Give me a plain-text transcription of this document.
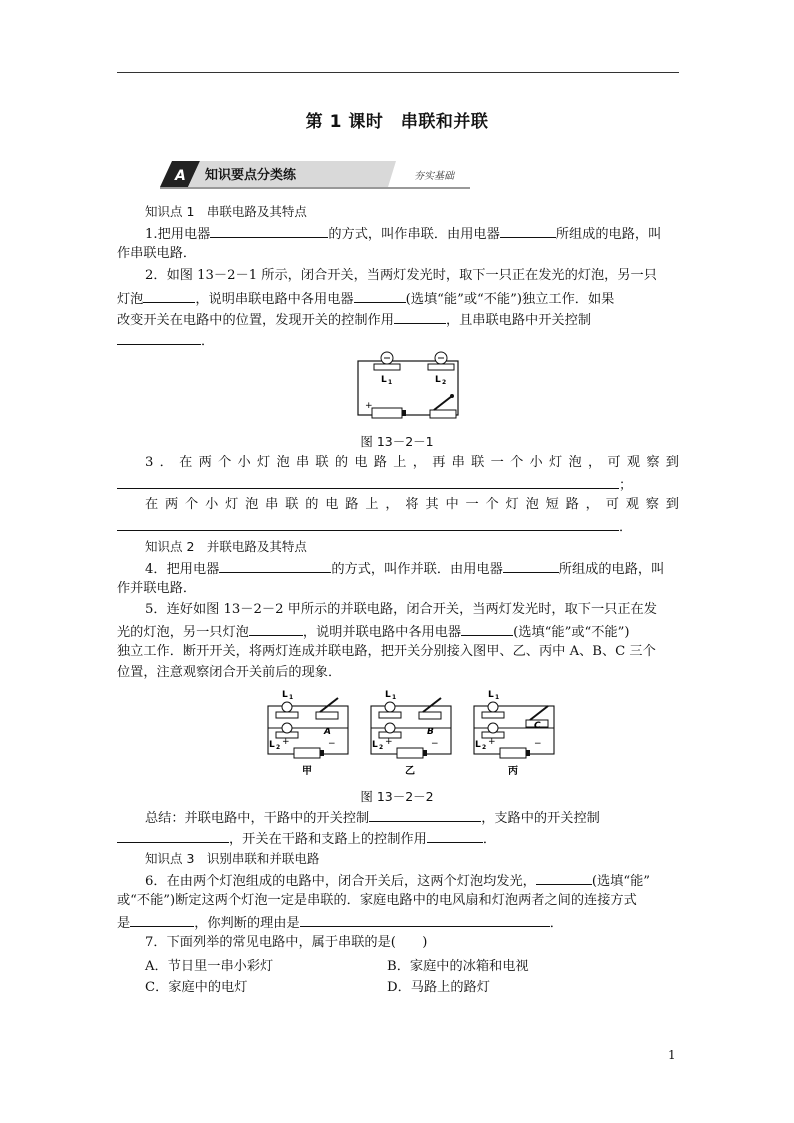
第 1 课时　串联和并联
A 知识要点分类练	夯实基础
知识点 1　串联电路及其特点
1.把用电器	的方式，叫作串联．由用电器	所组成的电路，叫
作串联电路．
2．如图 13－2－1 所示，闭合开关，当两灯发光时，取下一只正在发光的灯泡，另一只
灯泡	，说明串联电路中各用电器	(选填“能”或“不能”)独立工作．如果
改变开关在电路中的位置，发现开关的控制作用	，且串联电路中开关控制
．
L 1	L 2
+
图 13－2－1
3．在两个小灯泡串联的电路上，再串联一个小灯泡，可观察到
；
在两个小灯泡串联的电路上，将其中一个灯泡短路，可观察到
．
知识点 2　并联电路及其特点
4．把用电器	的方式，叫作并联．由用电器	所组成的电路，叫
作并联电路．
5．连好如图 13－2－2 甲所示的并联电路，闭合开关，当两灯发光时，取下一只正在发
光的灯泡，另一只灯泡	，说明并联电路中各用电器	(选填“能”或“不能”)
独立工作．断开开关，将两灯连成并联电路，把开关分别接入图甲、乙、丙中 A、B、C 三个
位置，注意观察闭合开关前后的现象．
L 1
L 2
+	−
A
甲
L 1
L 2
+	−
B
乙
L 1
L 2
+	−
C
丙
图 13－2－2
总结：并联电路中，干路中的开关控制	，支路中的开关控制
，开关在干路和支路上的控制作用	．
知识点 3　识别串联和并联电路
6．在由两个灯泡组成的电路中，闭合开关后，这两个灯泡均发光，	(选填“能”
或“不能”)断定这两个灯泡一定是串联的．家庭电路中的电风扇和灯泡两者之间的连接方式
是	，你判断的理由是	．
7．下面列举的常见电路中，属于串联的是(　　)
A．节日里一串小彩灯	B．家庭中的冰箱和电视
C．家庭中的电灯	D．马路上的路灯
1
